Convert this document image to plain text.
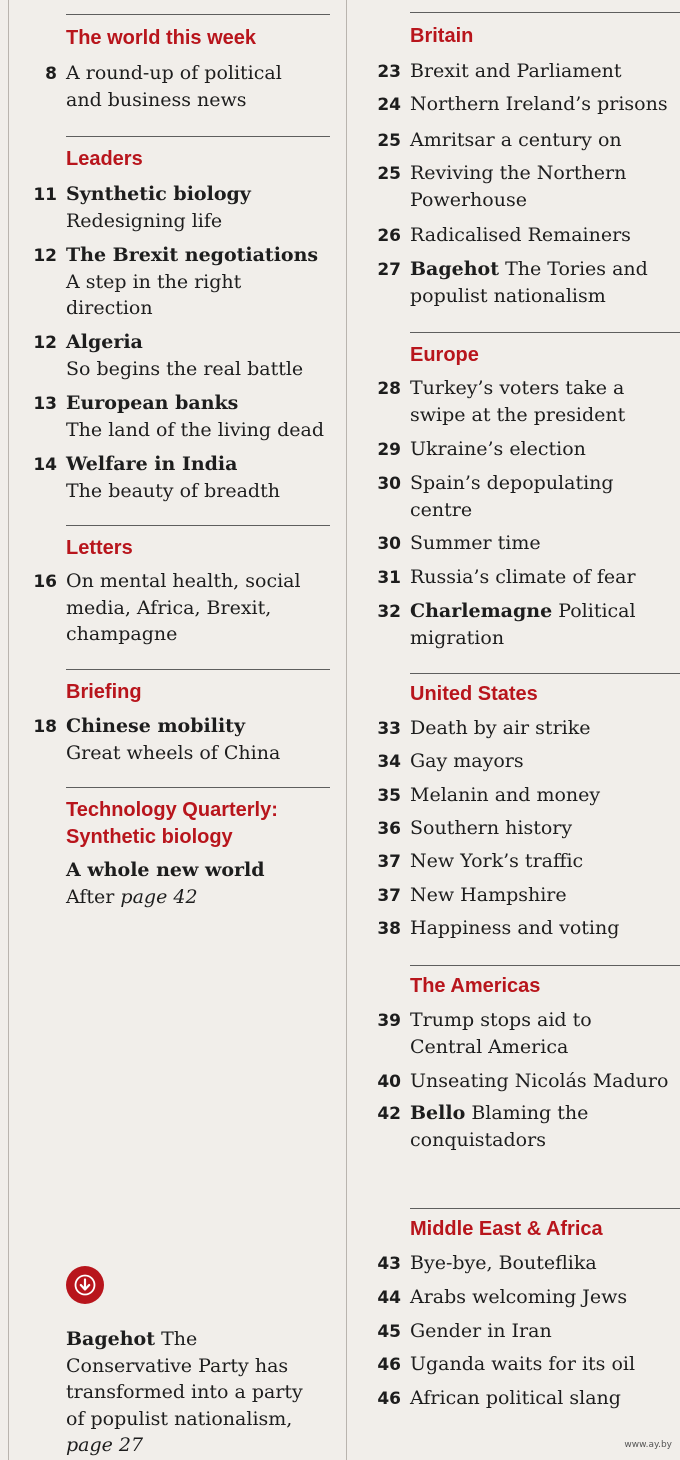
The world this week
8 A round-up of political
and business news
Leaders
11 Synthetic biology
Redesigning life
12 The Brexit negotiations
A step in the right
direction
12 Algeria
So begins the real battle
13 European banks
The land of the living dead
14 Welfare in India
The beauty of breadth
Letters
16 On mental health, social
media, Africa, Brexit,
champagne
Briefing
18 Chinese mobility
Great wheels of China
Technology Quarterly:
Synthetic biology
A whole new world
After page 42
Bagehot The
Conservative Party has
transformed into a party
of populist nationalism,
page 27
Britain
23 Brexit and Parliament
24 Northern Ireland’s prisons
25 Amritsar a century on
25 Reviving the Northern
Powerhouse
26 Radicalised Remainers
27 Bagehot The Tories and
populist nationalism
Europe
28 Turkey’s voters take a
swipe at the president
29 Ukraine’s election
30 Spain’s depopulating
centre
30 Summer time
31 Russia’s climate of fear
32 Charlemagne Political
migration
United States
33 Death by air strike
34 Gay mayors
35 Melanin and money
36 Southern history
37 New York’s traffic
37 New Hampshire
38 Happiness and voting
The Americas
39 Trump stops aid to
Central America
40 Unseating Nicolás Maduro
42 Bello Blaming the
conquistadors
Middle East & Africa
43 Bye-bye, Bouteflika
44 Arabs welcoming Jews
45 Gender in Iran
46 Uganda waits for its oil
46 African political slang
www.ay.by
